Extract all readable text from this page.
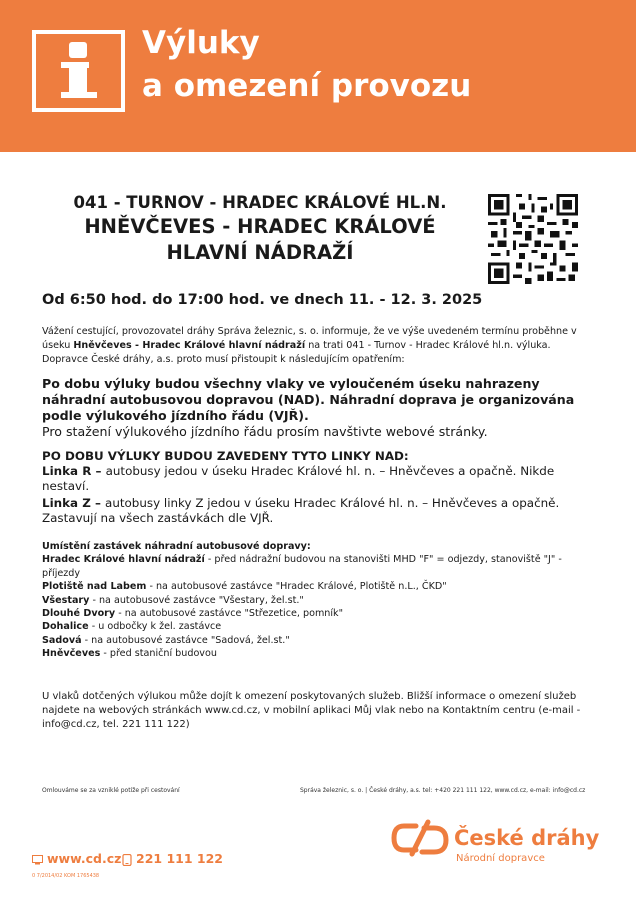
Výluky
a omezení provozu
041 - TURNOV - HRADEC KRÁLOVÉ HL.N.
HNĚVČEVES - HRADEC KRÁLOVÉ
HLAVNÍ NÁDRAŽÍ
Od 6:50 hod. do 17:00 hod. ve dnech 11. - 12. 3. 2025
Vážení cestující, provozovatel dráhy Správa železnic, s. o. informuje, že ve výše uvedeném termínu proběhne v úseku Hněvčeves - Hradec Králové hlavní nádraží na trati 041 - Turnov - Hradec Králové hl.n. výluka. Dopravce České dráhy, a.s. proto musí přistoupit k následujícím opatřením:
Po dobu výluky budou všechny vlaky ve vyloučeném úseku nahrazeny náhradní autobusovou dopravou (NAD). Náhradní doprava je organizována podle výlukového jízdního řádu (VJŘ).
Pro stažení výlukového jízdního řádu prosím navštivte webové stránky.
PO DOBU VÝLUKY BUDOU ZAVEDENY TYTO LINKY NAD:
Linka R – autobusy jedou v úseku Hradec Králové hl. n. – Hněvčeves a opačně. Nikde nestaví.
Linka Z – autobusy linky Z jedou v úseku Hradec Králové hl. n. – Hněvčeves a opačně. Zastavují na všech zastávkách dle VJŘ.
Umístění zastávek náhradní autobusové dopravy:
Hradec Králové hlavní nádraží - před nádražní budovou na stanovišti MHD "F" = odjezdy, stanoviště "J" - příjezdy
Plotiště nad Labem - na autobusové zastávce "Hradec Králové, Plotiště n.L., ČKD"
Všestary - na autobusové zastávce "Všestary, žel.st."
Dlouhé Dvory - na autobusové zastávce "Střezetice, pomník"
Dohalice - u odbočky k žel. zastávce
Sadová - na autobusové zastávce "Sadová, žel.st."
Hněvčeves - před staniční budovou
U vlaků dotčených výlukou může dojít k omezení poskytovaných služeb. Bližší informace o omezení služeb najdete na webových stránkách www.cd.cz, v mobilní aplikaci Můj vlak nebo na Kontaktním centru (e-mail - info@cd.cz, tel. 221 111 122)
Omlouváme se za vzniklé potíže při cestování	Správa železnic, s. o. | České dráhy, a.s. tel: +420 221 111 122, www.cd.cz, e-mail: info@cd.cz
České dráhy
Národní dopravce
www.cd.cz	221 111 122
0 7/2014/02 KOM 1765438
